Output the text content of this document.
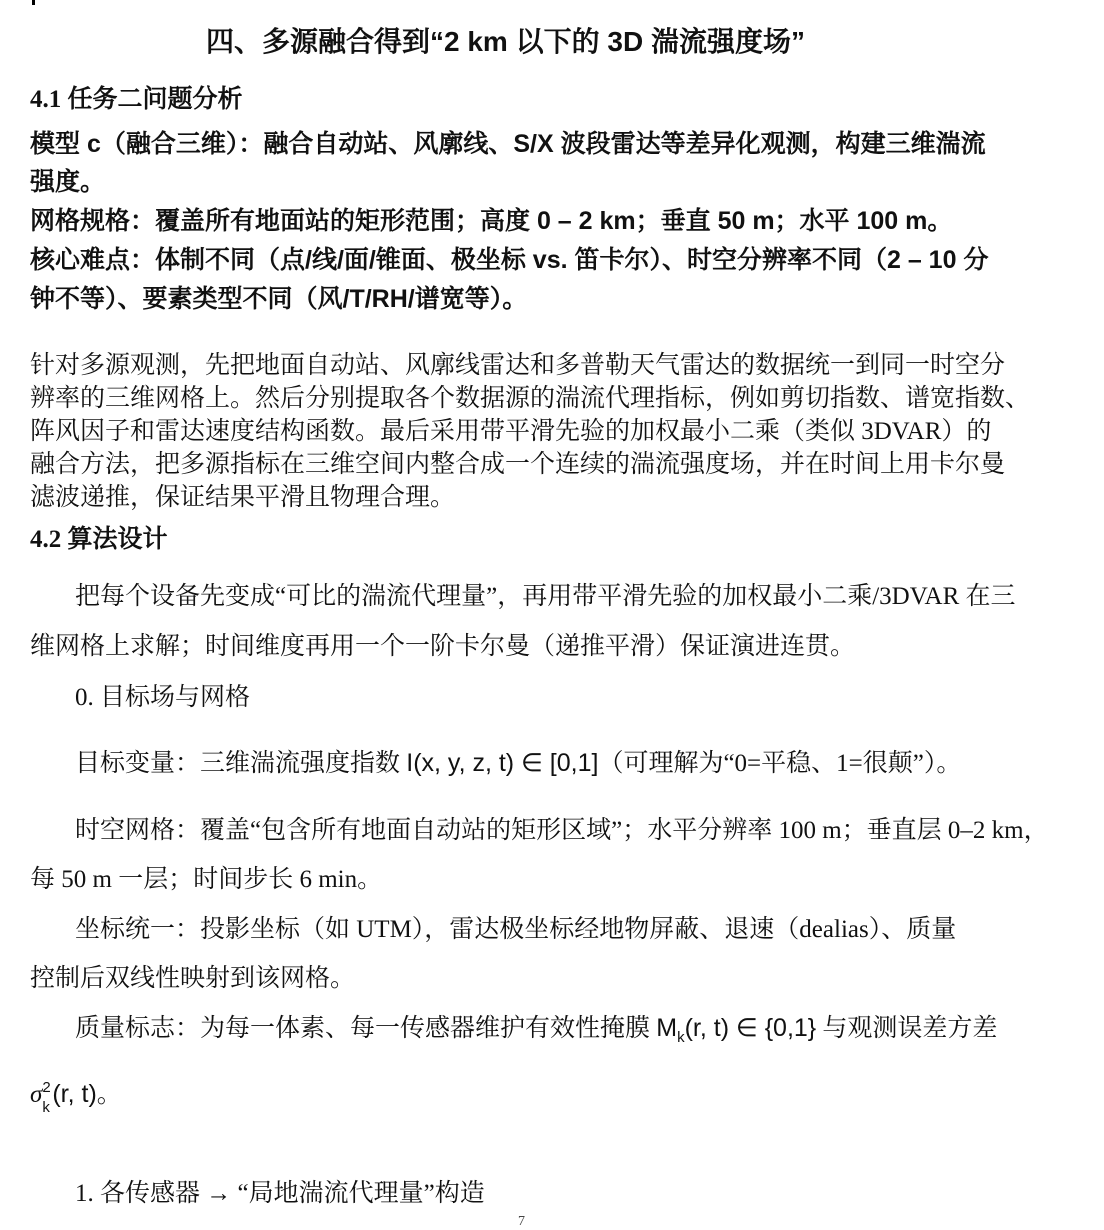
四、多源融合得到“2 km 以下的 3D 湍流强度场”
4.1 任务二问题分析
模型 c（融合三维）：融合自动站、风廓线、S/X 波段雷达等差异化观测，构建三维湍流
强度。
网格规格：覆盖所有地面站的矩形范围；高度 0 – 2 km；垂直 50 m；水平 100 m。
核心难点：体制不同（点/线/面/锥面、极坐标 vs. 笛卡尔）、时空分辨率不同（2 – 10 分
钟不等）、要素类型不同（风/T/RH/谱宽等）。
针对多源观测，先把地面自动站、风廓线雷达和多普勒天气雷达的数据统一到同一时空分
辨率的三维网格上。然后分别提取各个数据源的湍流代理指标，例如剪切指数、谱宽指数、
阵风因子和雷达速度结构函数。最后采用带平滑先验的加权最小二乘（类似 3DVAR）的
融合方法，把多源指标在三维空间内整合成一个连续的湍流强度场，并在时间上用卡尔曼
滤波递推，保证结果平滑且物理合理。
4.2 算法设计
把每个设备先变成“可比的湍流代理量”，再用带平滑先验的加权最小二乘/3DVAR 在三
维网格上求解；时间维度再用一个一阶卡尔曼（递推平滑）保证演进连贯。
0. 目标场与网格
目标变量：三维湍流强度指数 I(x, y, z, t) ∈ [0,1]（可理解为“0=平稳、1=很颠”）。
时空网格：覆盖“包含所有地面自动站的矩形区域”；水平分辨率 100 m；垂直层 0–2 km，
每 50 m 一层；时间步长 6 min。
坐标统一：投影坐标（如 UTM），雷达极坐标经地物屏蔽、退速（dealias）、质量
控制后双线性映射到该网格。
质量标志：为每一体素、每一传感器维护有效性掩膜 $M_k(r$, t) ∈ {0,1} 与观测误差方差
σ 2
k (r, t)。
1. 各传感器 → “局地湍流代理量”构造
7
